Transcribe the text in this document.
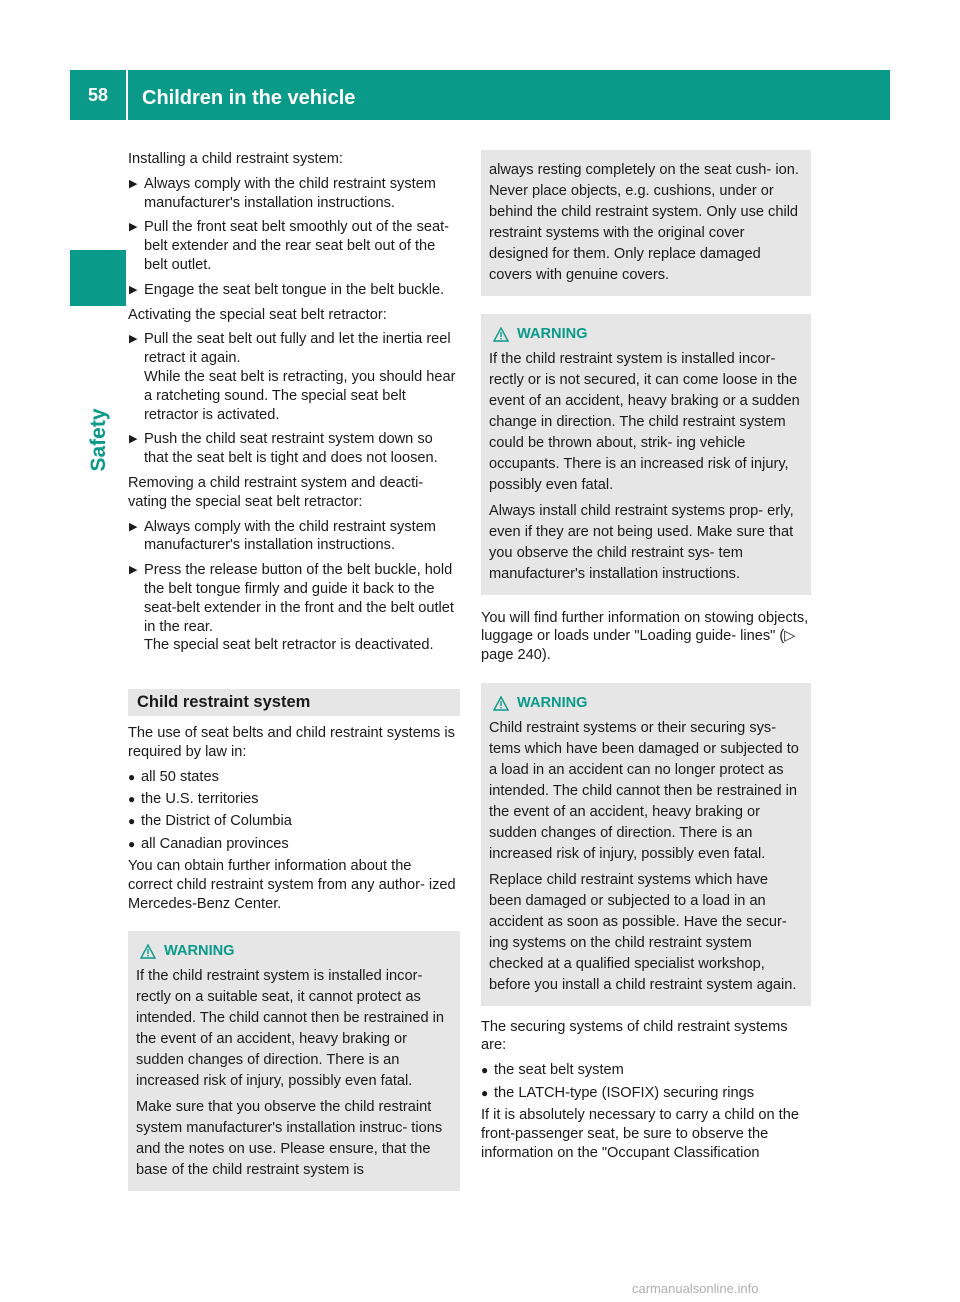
58	Children in the vehicle
Safety

Installing a child restraint system:

▶ Always comply with the child restraint system manufacturer's installation instructions.
▶ Pull the front seat belt smoothly out of the seat-belt extender and the rear seat belt out of the belt outlet.
▶ Engage the seat belt tongue in the belt buckle.

Activating the special seat belt retractor:

▶ Pull the seat belt out fully and let the inertia reel retract it again.
While the seat belt is retracting, you should hear a ratcheting sound. The special seat belt retractor is activated.
▶ Push the child seat restraint system down so that the seat belt is tight and does not loosen.

Removing a child restraint system and deacti- vating the special seat belt retractor:

▶ Always comply with the child restraint system manufacturer's installation instructions.
▶ Press the release button of the belt buckle, hold the belt tongue firmly and guide it back to the seat-belt extender in the front and the belt outlet in the rear.
The special seat belt retractor is deactivated.
Child restraint system

The use of seat belts and child restraint systems is required by law in:

● all 50 states
● the U.S. territories
● the District of Columbia
● all Canadian provinces

You can obtain further information about the correct child restraint system from any author- ized Mercedes-Benz Center.

WARNING

If the child restraint system is installed incor- rectly on a suitable seat, it cannot protect as intended. The child cannot then be restrained in the event of an accident, heavy braking or sudden changes of direction. There is an increased risk of injury, possibly even fatal.

Make sure that you observe the child restraint system manufacturer's installation instruc- tions and the notes on use. Please ensure, that the base of the child restraint system is

always resting completely on the seat cush- ion. Never place objects, e.g. cushions, under or behind the child restraint system. Only use child restraint systems with the original cover designed for them. Only replace damaged covers with genuine covers.

WARNING

If the child restraint system is installed incor- rectly or is not secured, it can come loose in the event of an accident, heavy braking or a sudden change in direction. The child restraint system could be thrown about, strik- ing vehicle occupants. There is an increased risk of injury, possibly even fatal.

Always install child restraint systems prop- erly, even if they are not being used. Make sure that you observe the child restraint sys- tem manufacturer's installation instructions.

You will find further information on stowing objects, luggage or loads under "Loading guide- lines" (▷ page 240).

WARNING

Child restraint systems or their securing sys- tems which have been damaged or subjected to a load in an accident can no longer protect as intended. The child cannot then be restrained in the event of an accident, heavy braking or sudden changes of direction. There is an increased risk of injury, possibly even fatal.

Replace child restraint systems which have been damaged or subjected to a load in an accident as soon as possible. Have the secur- ing systems on the child restraint system checked at a qualified specialist workshop, before you install a child restraint system again.

The securing systems of child restraint systems are:

● the seat belt system
● the LATCH-type (ISOFIX) securing rings

If it is absolutely necessary to carry a child on the front-passenger seat, be sure to observe the information on the "Occupant Classification

carmanualsonline.info
